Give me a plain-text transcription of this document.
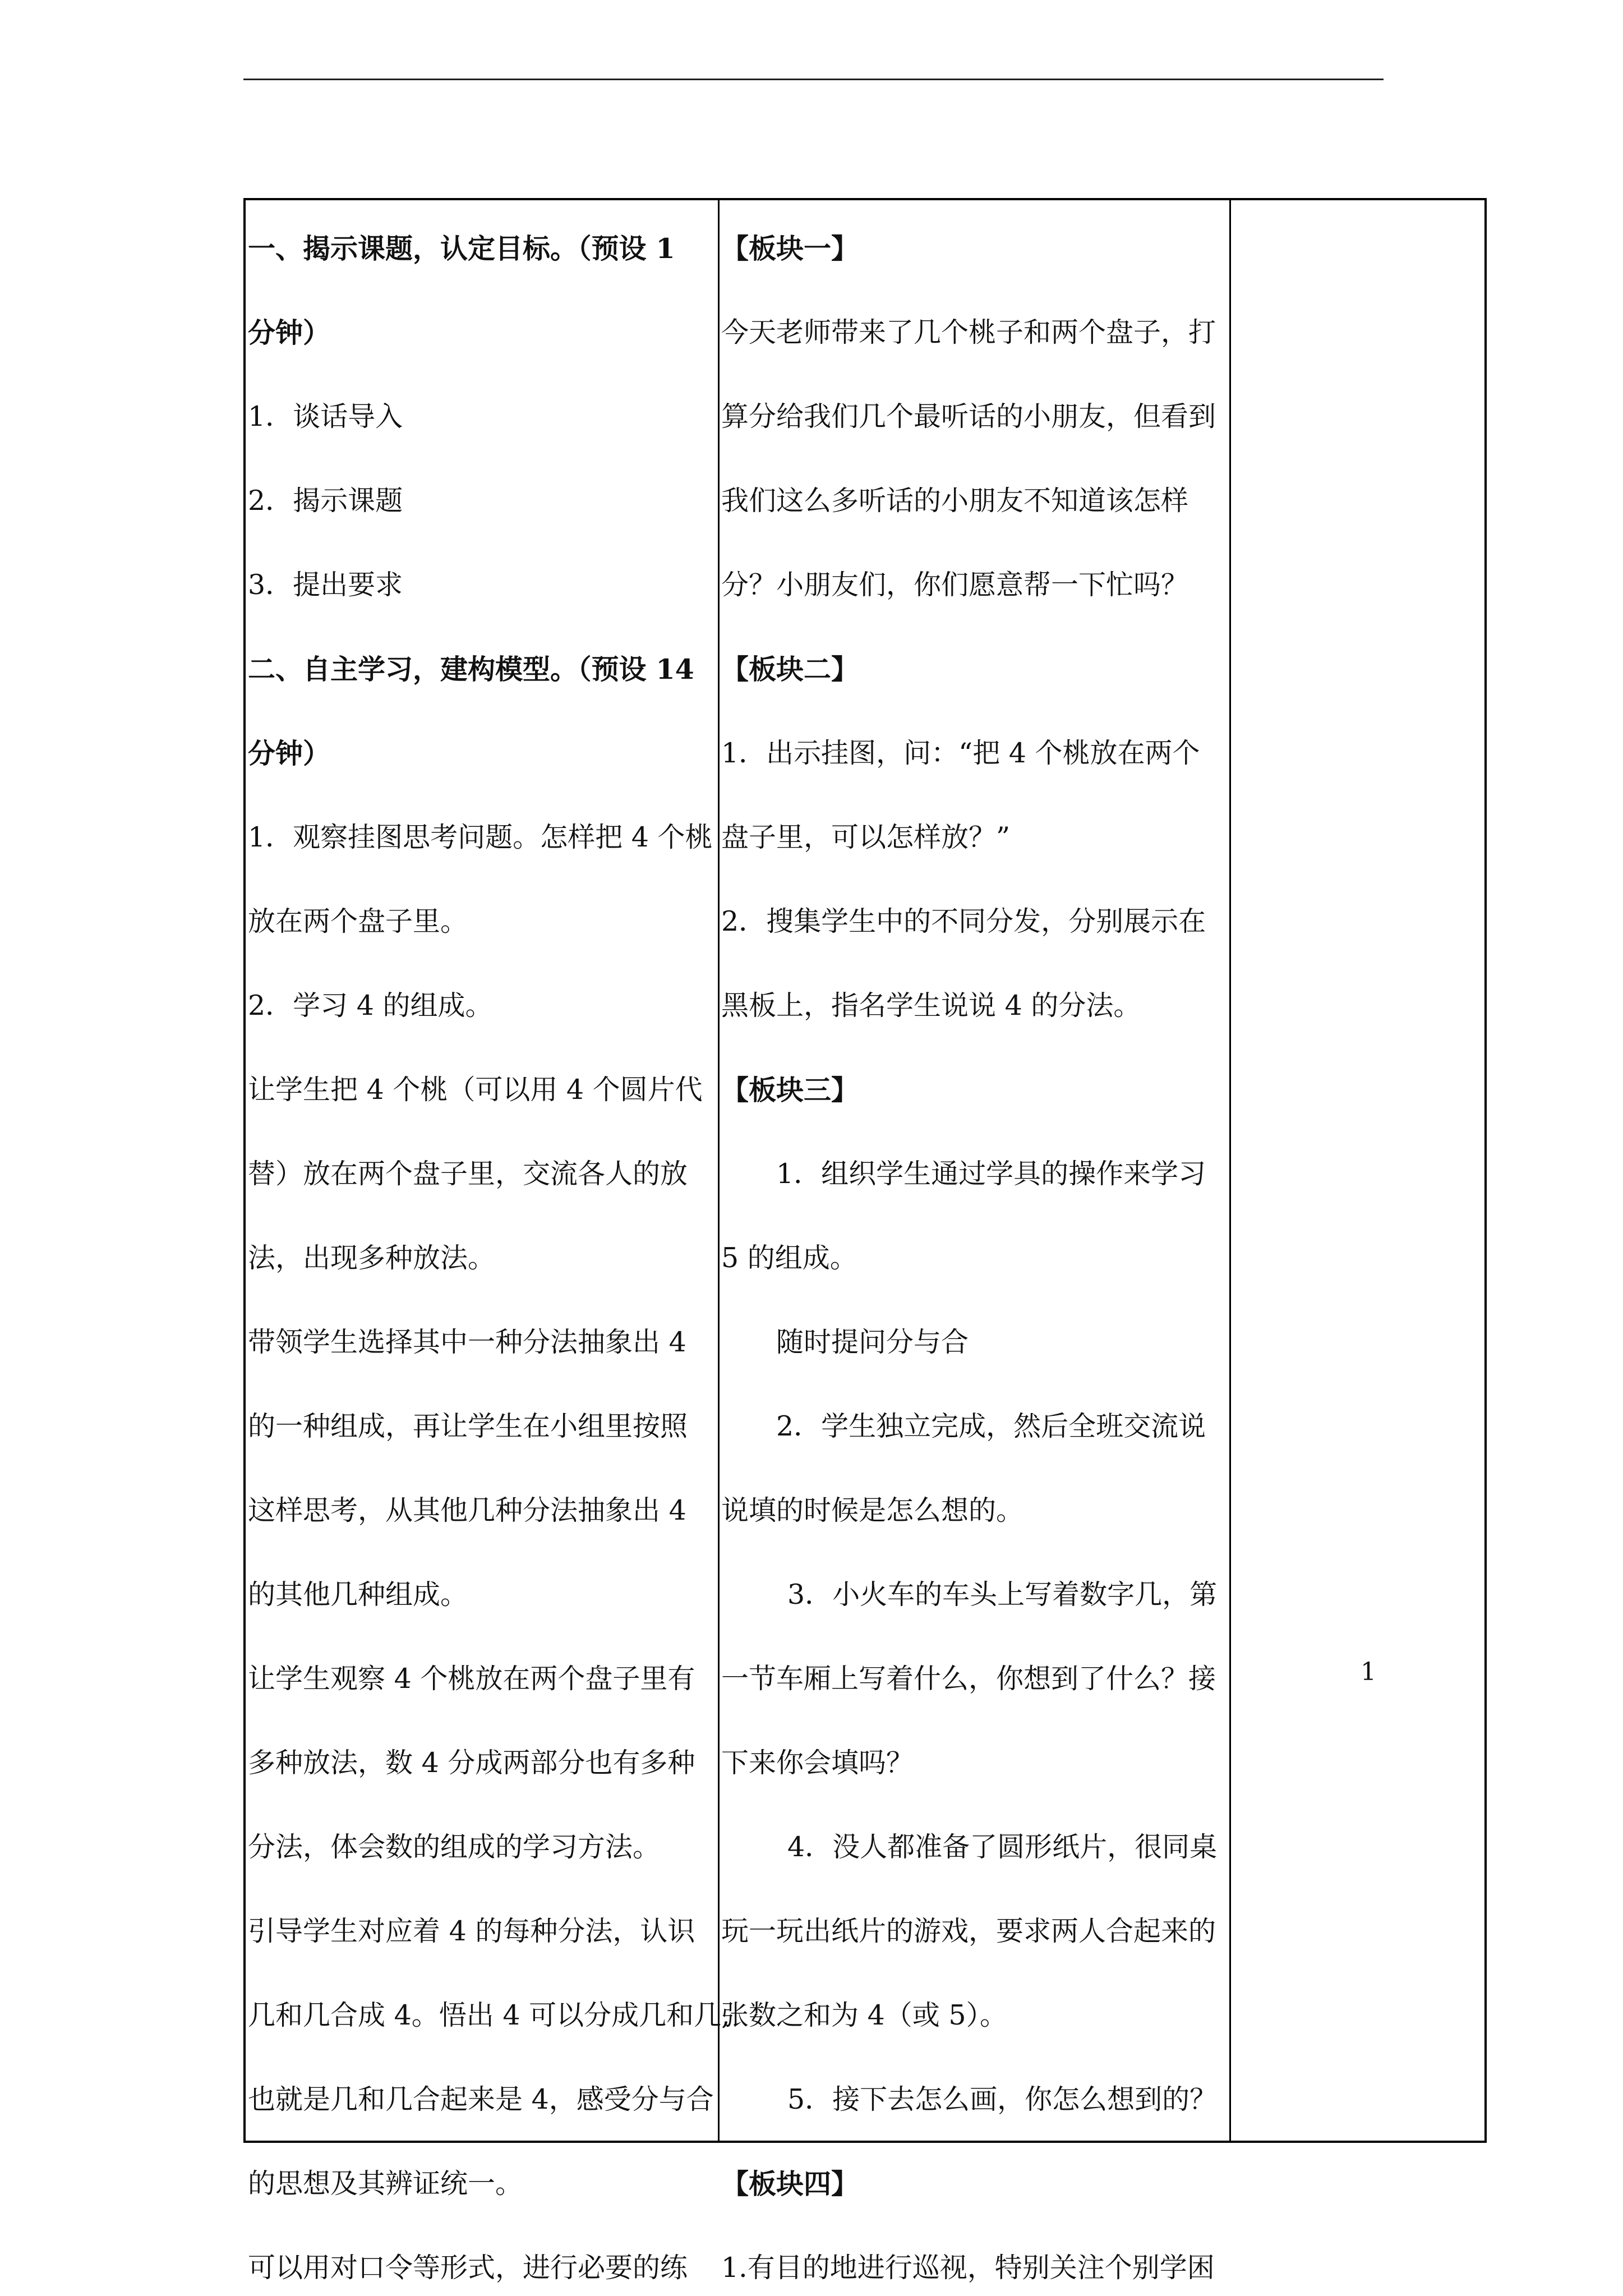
一、揭示课题，认定目标。（预设 1
分钟）
1．谈话导入
2．揭示课题
3．提出要求
二、自主学习，建构模型。（预设 14
分钟）
1．观察挂图思考问题。怎样把 4 个桃
放在两个盘子里。
2．学习 4 的组成。
让学生把 4 个桃（可以用 4 个圆片代
替）放在两个盘子里，交流各人的放
法，出现多种放法。
带领学生选择其中一种分法抽象出 4
的一种组成，再让学生在小组里按照
这样思考，从其他几种分法抽象出 4
的其他几种组成。
让学生观察 4 个桃放在两个盘子里有
多种放法，数 4 分成两部分也有多种
分法，体会数的组成的学习方法。
引导学生对应着 4 的每种分法，认识
几和几合成 4。悟出 4 可以分成几和几,
也就是几和几合起来是 4，感受分与合
的思想及其辨证统一。
可以用对口令等形式，进行必要的练
【板块一】
今天老师带来了几个桃子和两个盘子，打
算分给我们几个最听话的小朋友，但看到
我们这么多听话的小朋友不知道该怎样
分？小朋友们，你们愿意帮一下忙吗？
【板块二】
1．出示挂图，问：“把 4 个桃放在两个
盘子里，可以怎样放？”
2．搜集学生中的不同分发，分别展示在
黑板上，指名学生说说 4 的分法。
【板块三】
1．组织学生通过学具的操作来学习
5 的组成。
随时提问分与合
2．学生独立完成，然后全班交流说
说填的时候是怎么想的。
3．小火车的车头上写着数字几，第
一节车厢上写着什么，你想到了什么？接
下来你会填吗？
4．没人都准备了圆形纸片，很同桌
玩一玩出纸片的游戏，要求两人合起来的
张数之和为 4（或 5）。
5．接下去怎么画，你怎么想到的？
【板块四】
1.有目的地进行巡视，特别关注个别学困
1
